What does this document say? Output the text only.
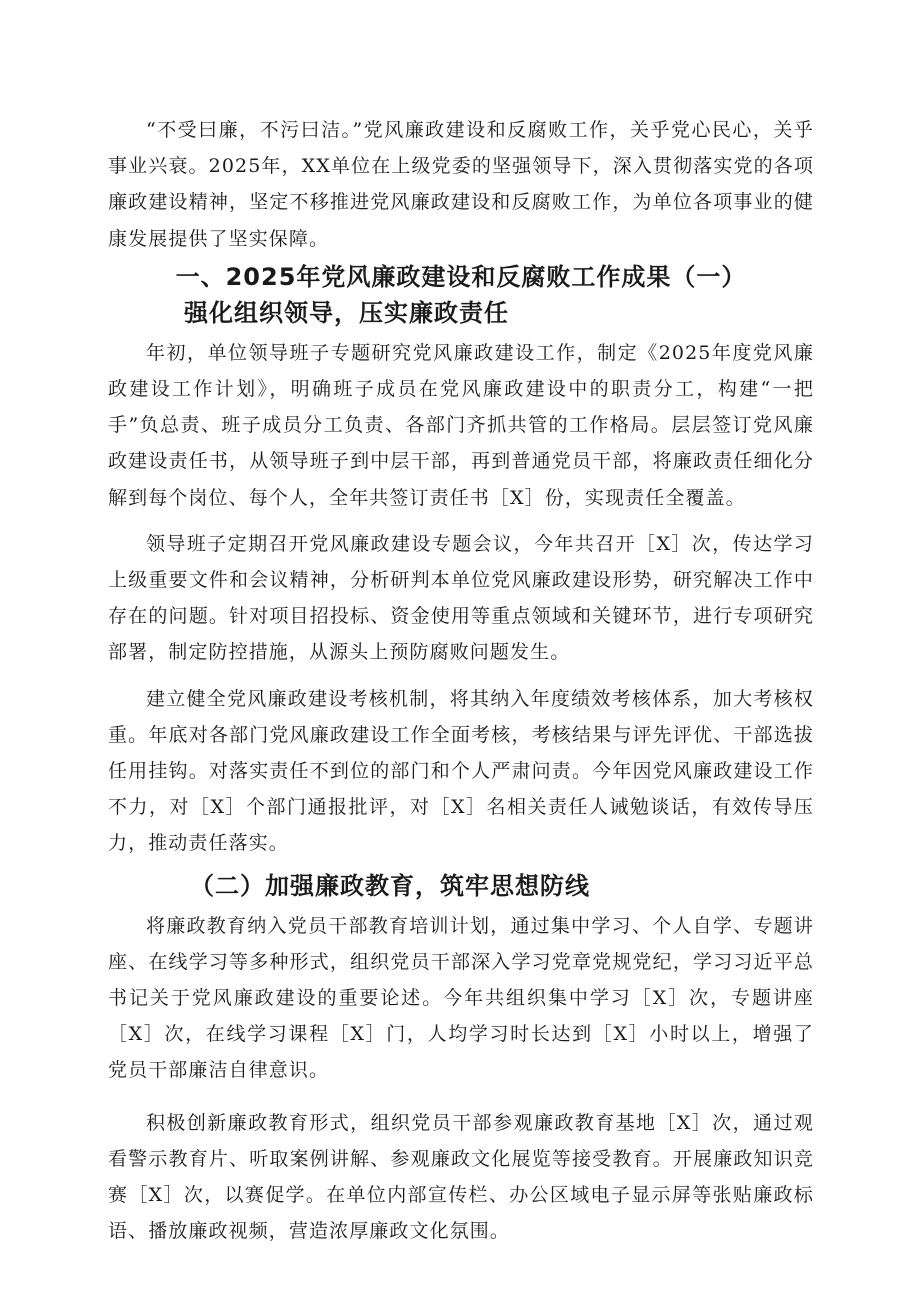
“不受曰廉，不污曰洁。”党风廉政建设和反腐败工作，关乎党心民心，关乎事业兴衰。2025年，XX单位在上级党委的坚强领导下，深入贯彻落实党的各项廉政建设精神，坚定不移推进党风廉政建设和反腐败工作，为单位各项事业的健康发展提供了坚实保障。

一、2025年党风廉政建设和反腐败工作成果（一）
强化组织领导，压实廉政责任

年初，单位领导班子专题研究党风廉政建设工作，制定《2025年度党风廉政建设工作计划》，明确班子成员在党风廉政建设中的职责分工，构建“一把手”负总责、班子成员分工负责、各部门齐抓共管的工作格局。层层签订党风廉政建设责任书，从领导班子到中层干部，再到普通党员干部，将廉政责任细化分解到每个岗位、每个人，全年共签订责任书［X］份，实现责任全覆盖。

领导班子定期召开党风廉政建设专题会议，今年共召开［X］次，传达学习上级重要文件和会议精神，分析研判本单位党风廉政建设形势，研究解决工作中存在的问题。针对项目招投标、资金使用等重点领域和关键环节，进行专项研究部署，制定防控措施，从源头上预防腐败问题发生。

建立健全党风廉政建设考核机制，将其纳入年度绩效考核体系，加大考核权重。年底对各部门党风廉政建设工作全面考核，考核结果与评先评优、干部选拔任用挂钩。对落实责任不到位的部门和个人严肃问责。今年因党风廉政建设工作不力，对［X］个部门通报批评，对［X］名相关责任人诫勉谈话，有效传导压力，推动责任落实。

（二）加强廉政教育，筑牢思想防线

将廉政教育纳入党员干部教育培训计划，通过集中学习、个人自学、专题讲座、在线学习等多种形式，组织党员干部深入学习党章党规党纪，学习习近平总书记关于党风廉政建设的重要论述。今年共组织集中学习［X］次，专题讲座［X］次，在线学习课程［X］门，人均学习时长达到［X］小时以上，增强了党员干部廉洁自律意识。

积极创新廉政教育形式，组织党员干部参观廉政教育基地［X］次，通过观看警示教育片、听取案例讲解、参观廉政文化展览等接受教育。开展廉政知识竞赛［X］次，以赛促学。在单位内部宣传栏、办公区域电子显示屏等张贴廉政标语、播放廉政视频，营造浓厚廉政文化氛围。
